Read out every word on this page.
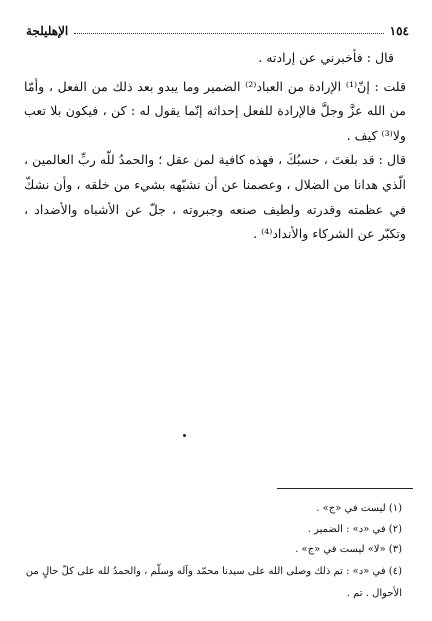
١٥٤
الإهليلجة

قال : فأخبرني عن إرادته .

قلت : إنّ⁽¹⁾ الإرادة من العباد⁽²⁾ الضمير وما يبدو بعد ذلك من الفعل ، وأمّا من الله عزَّ وجلَّ فالإرادة للفعل إحداثه إنّما يقول له : كن ، فيكون بلا تعب ولا⁽³⁾ كيف .

قال : قد بلغتَ ، حسبُكَ ، فهذه كافية لمن عقل ؛ والحمدُ للّه ربِّ العالمين ، الّذي هدانا من الضلال ، وعصمنا عن أن نشبّهه بشيء من خلقه ، وأن نشكّ في عظمته وقدرته ولطيف صنعه وجبروته ، جلّ عن الأشباه والأضداد ، وتكبّر عن الشركاء والأنداد⁽⁴⁾ .

(١) ليست في «ج» .
(٢) في «د» : الضمير .
(٣) «لا» ليست في «ج» .
(٤) في «د» : تم ذلك وصلى الله على سيدنا محمّد وآله وسلّم ، والحمدُ لله على كلّ حالٍ من الأحوال . تم .
